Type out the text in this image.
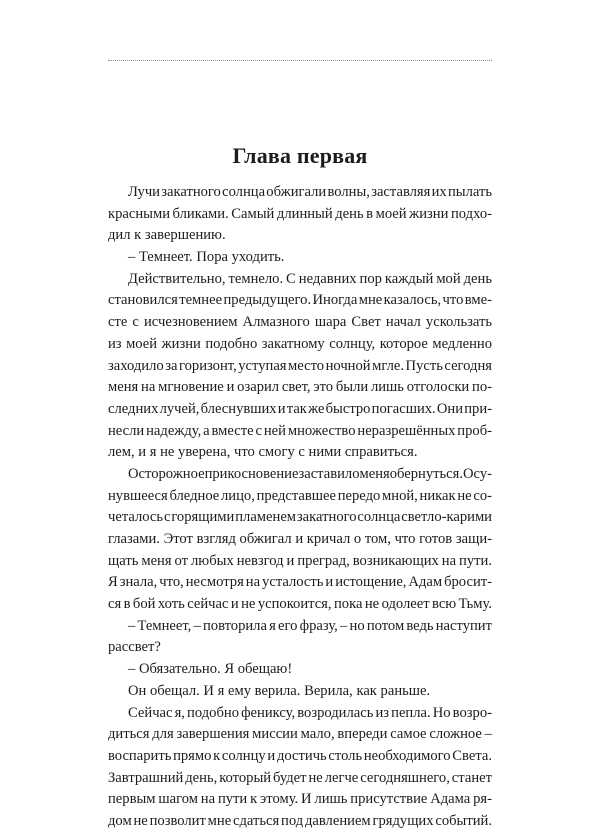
Глава первая
Лучи закатного солнца обжигали волны, заставляя их пылать
красными бликами. Самый длинный день в моей жизни подхо-
дил к завершению.
– Темнеет. Пора уходить.
Действительно, темнело. С недавних пор каждый мой день
становился темнее предыдущего. Иногда мне казалось, что вме-
сте с исчезновением Алмазного шара Свет начал ускользать
из моей жизни подобно закатному солнцу, которое медленно
заходило за горизонт, уступая место ночной мгле. Пусть сегодня
меня на мгновение и озарил свет, это были лишь отголоски по-
следних лучей, блеснувших и так же быстро погасших. Они при-
несли надежду, а вместе с ней множество неразрешённых проб-
лем, и я не уверена, что смогу с ними справиться.
Осторожное прикосновение заставило меня обернуться. Осу-
нувшееся бледное лицо, представшее передо мной, никак не со-
четалось с горящими пламенем закатного солнца светло-карими
глазами. Этот взгляд обжигал и кричал о том, что готов защи-
щать меня от любых невзгод и преград, возникающих на пути.
Я знала, что, несмотря на усталость и истощение, Адам бросит-
ся в бой хоть сейчас и не успокоится, пока не одолеет всю Тьму.
– Темнеет, – повторила я его фразу, – но потом ведь наступит
рассвет?
– Обязательно. Я обещаю!
Он обещал. И я ему верила. Верила, как раньше.
Сейчас я, подобно фениксу, возродилась из пепла. Но возро-
диться для завершения миссии мало, впереди самое сложное –
воспарить прямо к солнцу и достичь столь необходимого Света.
Завтрашний день, который будет не легче сегодняшнего, станет
первым шагом на пути к этому. И лишь присутствие Адама ря-
дом не позволит мне сдаться под давлением грядущих событий.
